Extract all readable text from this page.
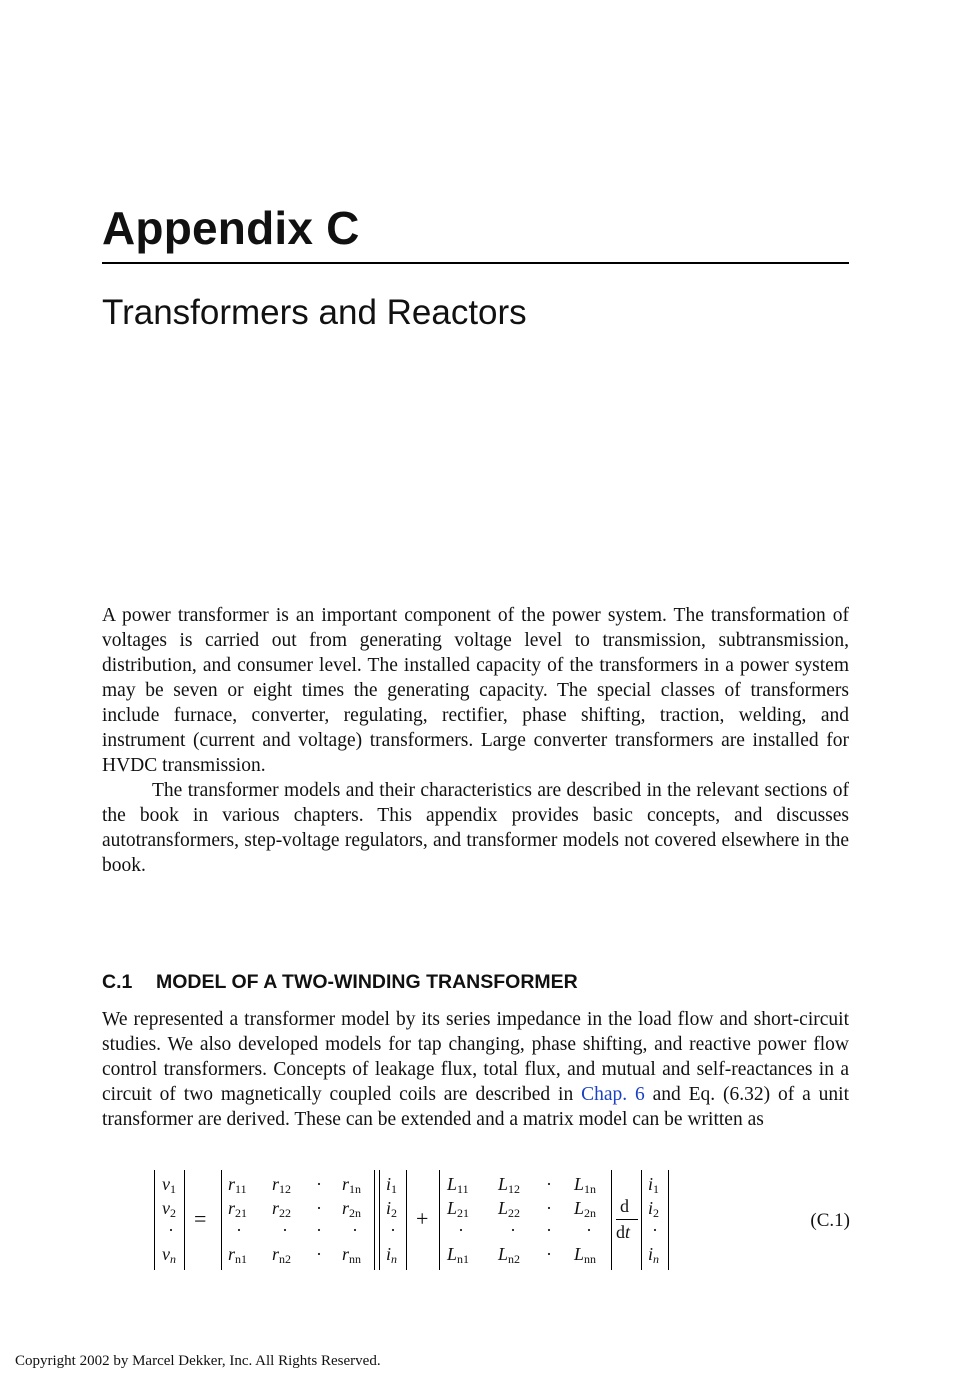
Appendix C
Transformers and Reactors

A power transformer is an important component of the power system. The transformation of voltages is carried out from generating voltage level to transmission, subtransmission, distribution, and consumer level. The installed capacity of the transformers in a power system may be seven or eight times the generating capacity. The special classes of transformers include furnace, converter, regulating, rectifier, phase shifting, traction, welding, and instrument (current and voltage) transformers. Large converter transformers are installed for HVDC transmission.

The transformer models and their characteristics are described in the relevant sections of the book in various chapters. This appendix provides basic concepts, and discusses autotransformers, step-voltage regulators, and transformer models not covered elsewhere in the book.

C.1 MODEL OF A TWO-WINDING TRANSFORMER

We represented a transformer model by its series impedance in the load flow and short-circuit studies. We also developed models for tap changing, phase shifting, and reactive power flow control transformers. Concepts of leakage flux, total flux, and mutual and self-reactances in a circuit of two magnetically coupled coils are described in Chap. 6 and Eq. (6.32) of a unit transformer are derived. These can be extended and a matrix model can be written as

$v_1$
$v_2$
·
$v_n$
=
$r_{11}$ $r_{12} \cdot r_{1n}$
$r_{21}$ $r_{22} \cdot r_{2n}$
· · · ·
$r_{n1}$ $r_{n2} \cdot r_{nn}$
$i_1$
$i_2$
·
$i_n$
+
$L_{11}$ $L_{12} \cdot L_{1n}$
$L_{21}$ $L_{22} \cdot L_{2n}$
·	· · ·
$L_{n1}$ $L_{n2} \cdot L_{nn}$
d
dt
$i_1$
$i_2$
·
$i_n$
(C.1)
Copyright 2002 by Marcel Dekker, Inc. All Rights Reserved.
